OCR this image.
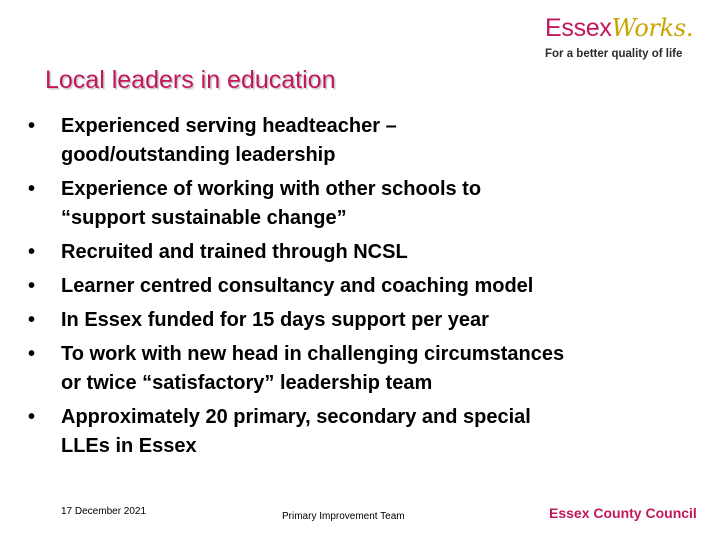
EssexWorks.
For a better quality of life
Local leaders in education
•	Experienced serving headteacher –
good/outstanding leadership
•	Experience of working with other schools to
“support sustainable change”
•	Recruited and trained through NCSL
•	Learner centred consultancy and coaching model
•	In Essex funded for 15 days support per year
•	To work with new head in challenging circumstances
or twice “satisfactory” leadership team
•	Approximately 20 primary, secondary and special
LLEs in Essex
17 December 2021	Primary Improvement Team	Essex County Council
